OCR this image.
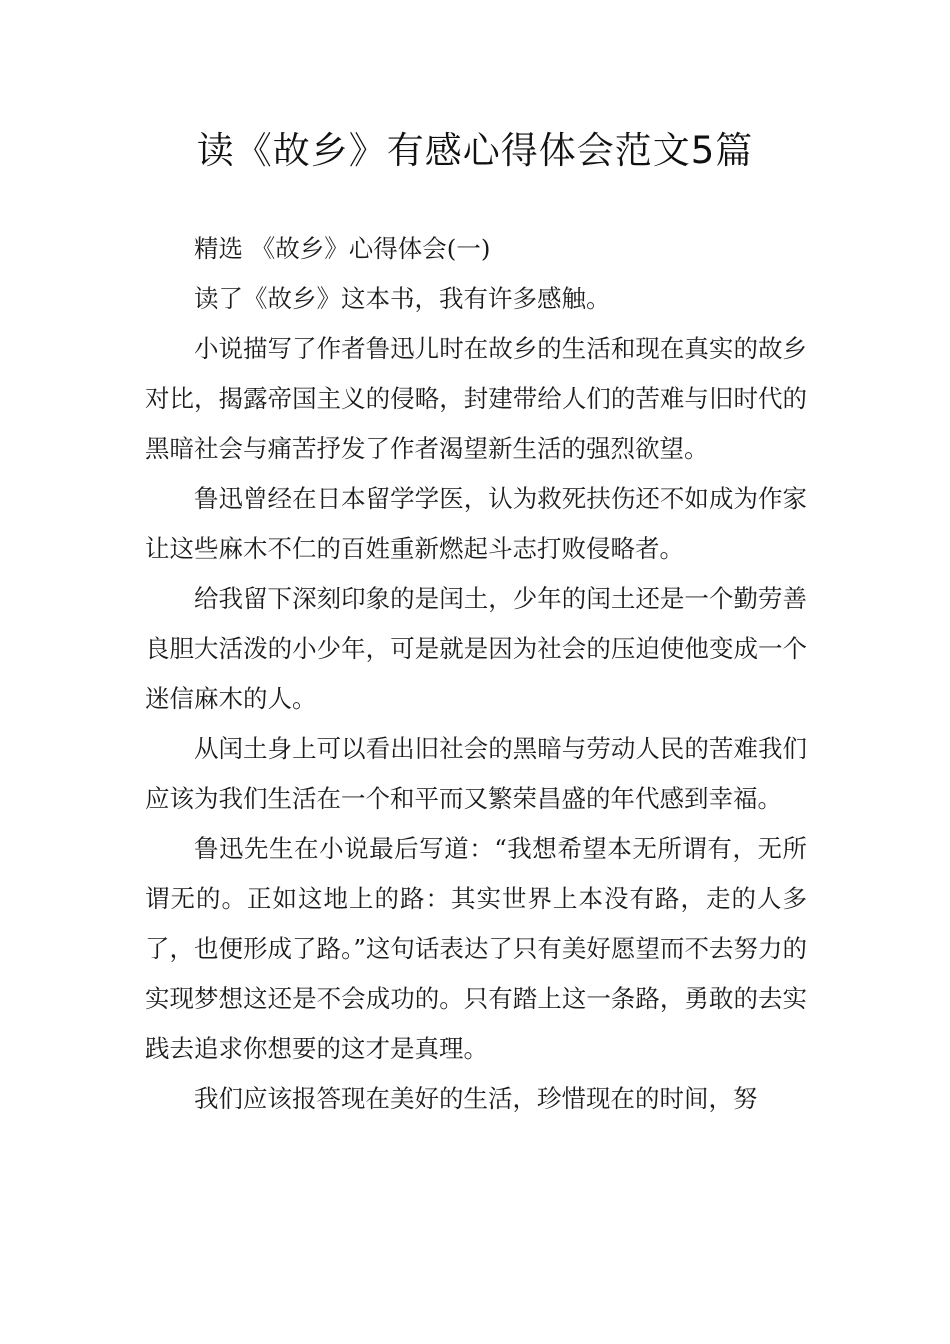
读《故乡》有感心得体会范文5篇

精选 《故乡》心得体会(一)

读了《故乡》这本书，我有许多感触。

小说描写了作者鲁迅儿时在故乡的生活和现在真实的故乡对比，揭露帝国主义的侵略，封建带给人们的苦难与旧时代的黑暗社会与痛苦抒发了作者渴望新生活的强烈欲望。

鲁迅曾经在日本留学学医，认为救死扶伤还不如成为作家让这些麻木不仁的百姓重新燃起斗志打败侵略者。

给我留下深刻印象的是闰土，少年的闰土还是一个勤劳善良胆大活泼的小少年，可是就是因为社会的压迫使他变成一个迷信麻木的人。

从闰土身上可以看出旧社会的黑暗与劳动人民的苦难我们应该为我们生活在一个和平而又繁荣昌盛的年代感到幸福。

鲁迅先生在小说最后写道：“我想希望本无所谓有，无所谓无的。正如这地上的路：其实世界上本没有路，走的人多了，也便形成了路。”这句话表达了只有美好愿望而不去努力的实现梦想这还是不会成功的。只有踏上这一条路，勇敢的去实践去追求你想要的这才是真理。

我们应该报答现在美好的生活，珍惜现在的时间，努
